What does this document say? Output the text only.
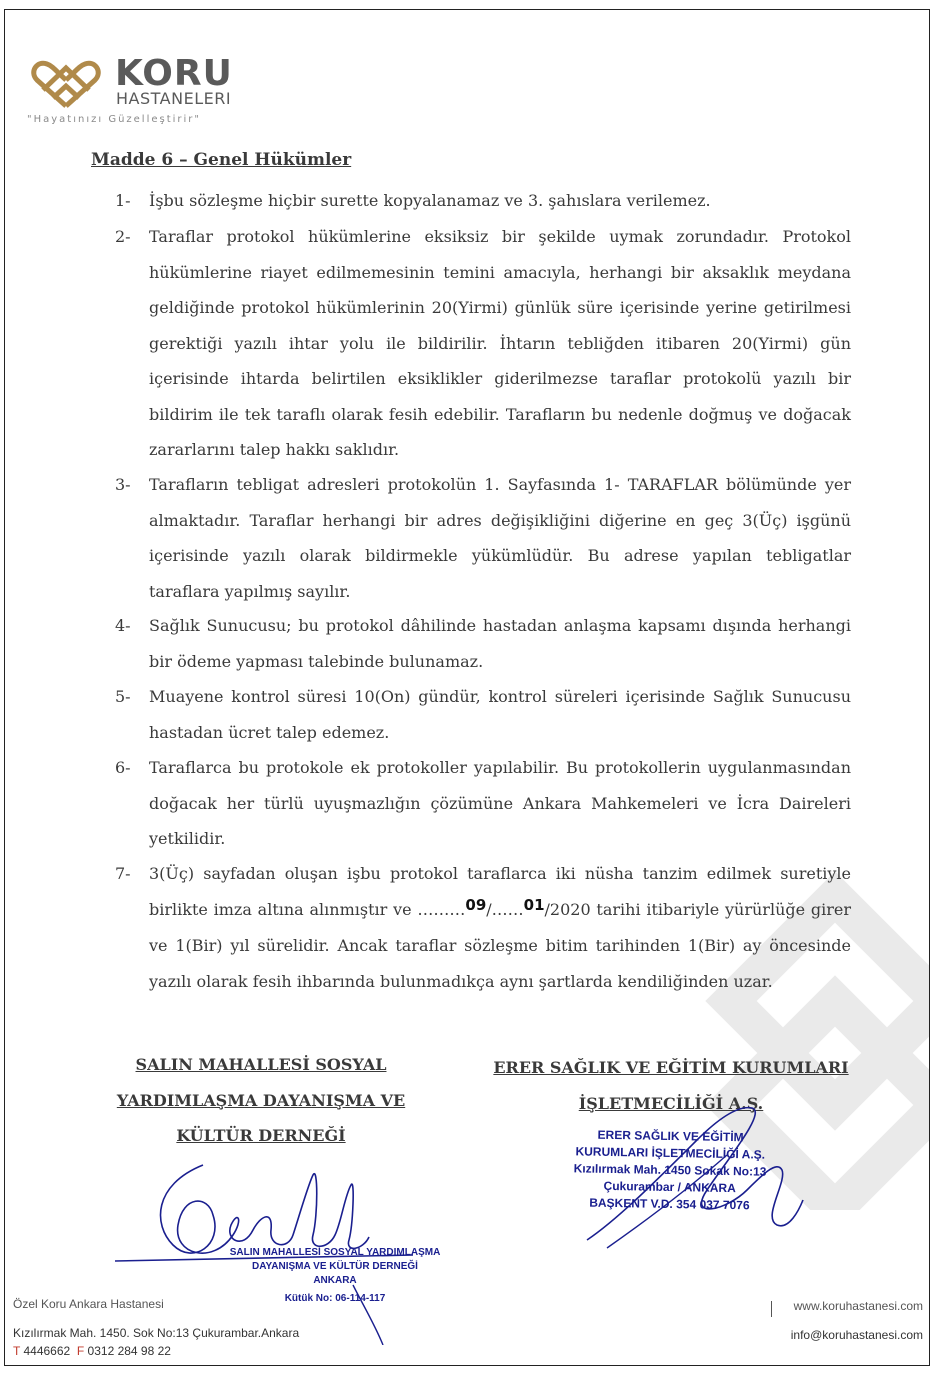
KORU
HASTANELERI
"Hayatınızı Güzelleştirir"
Madde 6 – Genel Hükümler
1-	İşbu sözleşme hiçbir surette kopyalanamaz ve 3. şahıslara verilemez.
2-	Taraflar protokol hükümlerine eksiksiz bir şekilde uymak zorundadır. Protokol hükümlerine riayet edilmemesinin temini amacıyla, herhangi bir aksaklık meydana geldiğinde protokol hükümlerinin 20(Yirmi) günlük süre içerisinde yerine getirilmesi gerektiği yazılı ihtar yolu ile bildirilir. İhtarın tebliğden itibaren 20(Yirmi) gün içerisinde ihtarda belirtilen eksiklikler giderilmezse taraflar protokolü yazılı bir bildirim ile tek taraflı olarak fesih edebilir. Tarafların bu nedenle doğmuş ve doğacak zararlarını talep hakkı saklıdır.
3-	Tarafların tebligat adresleri protokolün 1. Sayfasında 1- TARAFLAR bölümünde yer almaktadır. Taraflar herhangi bir adres değişikliğini diğerine en geç 3(Üç) işgünü içerisinde yazılı olarak bildirmekle yükümlüdür. Bu adrese yapılan tebligatlar taraflara yapılmış sayılır.
4-	Sağlık Sunucusu; bu protokol dâhilinde hastadan anlaşma kapsamı dışında herhangi bir ödeme yapması talebinde bulunamaz.
5-	Muayene kontrol süresi 10(On) gündür, kontrol süreleri içerisinde Sağlık Sunucusu hastadan ücret talep edemez.
6-	Taraflarca bu protokole ek protokoller yapılabilir. Bu protokollerin uygulanmasından doğacak her türlü uyuşmazlığın çözümüne Ankara Mahkemeleri ve İcra Daireleri yetkilidir.
7-	3(Üç) sayfadan oluşan işbu protokol taraflarca iki nüsha tanzim edilmek suretiyle birlikte imza altına alınmıştır ve ………09/……01/2020 tarihi itibariyle yürürlüğe girer ve 1(Bir) yıl sürelidir. Ancak taraflar sözleşme bitim tarihinden 1(Bir) ay öncesinde yazılı olarak fesih ihbarında bulunmadıkça aynı şartlarda kendiliğinden uzar.
SALIN MAHALLESİ SOSYAL
YARDIMLAŞMA DAYANIŞMA VE
KÜLTÜR DERNEĞİ
ERER SAĞLIK VE EĞİTİM KURUMLARI
İŞLETMECİLİĞİ A.Ş.
SALIN MAHALLESİ SOSYAL YARDIMLAŞMA
DAYANIŞMA VE KÜLTÜR DERNEĞİ
ANKARA
Kütük No: 06-114-117
ERER SAĞLIK VE EĞİTİM
KURUMLARI İŞLETMECİLİĞİ A.Ş.
Kızılırmak Mah. 1450 Sokak No:13
Çukurambar / ANKARA
BAŞKENT V.D. 354 037 7076
Özel Koru Ankara Hastanesi
Kızılırmak Mah. 1450. Sok No:13 Çukurambar.Ankara
T 4446662 F 0312 284 98 22
www.koruhastanesi.com
info@koruhastanesi.com
